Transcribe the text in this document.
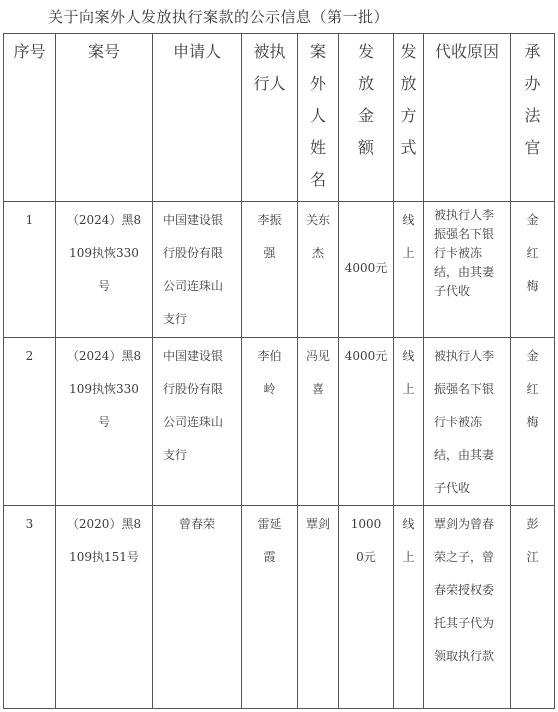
关于向案外人发放执行案款的公示信息（第一批）
序号	案号	申请人	被执行人	案外人姓名	发放金额	发放方式	代收原因	承办法官
1	（2024）黑8109执恢330号	中国建设银行股份有限公司连珠山支行	李振强	关东杰	4000元	线上	被执行人李振强名下银行卡被冻结，由其妻子代收	金红梅
2	（2024）黑8109执恢330号	中国建设银行股份有限公司连珠山支行	李伯岭	冯见喜	4000元	线上	被执行人李振强名下银行卡被冻结，由其妻子代收	金红梅
3	（2020）黑8109执151号	曾春荣	雷延霞	覃剑	10000元	线上	覃剑为曾春荣之子，曾春荣授权委托其子代为领取执行款	彭江
